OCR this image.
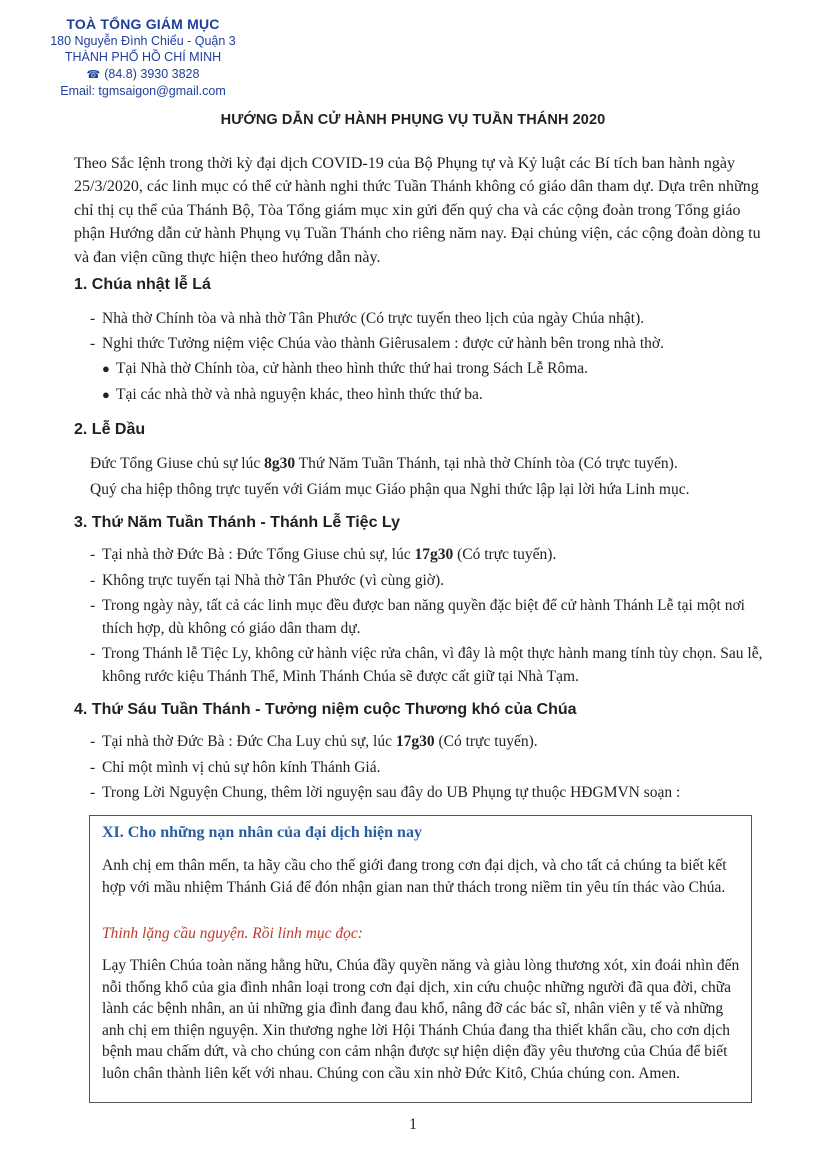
TOÀ TỔNG GIÁM MỤC
180 Nguyễn Đình Chiểu - Quận 3
THÀNH PHỐ HỒ CHÍ MINH
☎ (84.8) 3930 3828
Email: tgmsaigon@gmail.com
HƯỚNG DẪN CỬ HÀNH PHỤNG VỤ TUẦN THÁNH 2020

Theo Sắc lệnh trong thời kỳ đại dịch COVID-19 của Bộ Phụng tự và Kỷ luật các Bí tích ban hành ngày 25/3/2020, các linh mục có thể cử hành nghi thức Tuần Thánh không có giáo dân tham dự. Dựa trên những chỉ thị cụ thể của Thánh Bộ, Tòa Tổng giám mục xin gửi đến quý cha và các cộng đoàn trong Tổng giáo phận Hướng dẫn cử hành Phụng vụ Tuần Thánh cho riêng năm nay. Đại chủng viện, các cộng đoàn dòng tu và đan viện cũng thực hiện theo hướng dẫn này.

1. Chúa nhật lễ Lá

- Nhà thờ Chính tòa và nhà thờ Tân Phước (Có trực tuyến theo lịch của ngày Chúa nhật).

- Nghi thức Tưởng niệm việc Chúa vào thành Giêrusalem : được cử hành bên trong nhà thờ.

● Tại Nhà thờ Chính tòa, cử hành theo hình thức thứ hai trong Sách Lễ Rôma.

● Tại các nhà thờ và nhà nguyện khác, theo hình thức thứ ba.

2. Lễ Dầu

Đức Tổng Giuse chủ sự lúc 8g30 Thứ Năm Tuần Thánh, tại nhà thờ Chính tòa (Có trực tuyến).

Quý cha hiệp thông trực tuyến với Giám mục Giáo phận qua Nghi thức lập lại lời hứa Linh mục.

3. Thứ Năm Tuần Thánh - Thánh Lễ Tiệc Ly

- Tại nhà thờ Đức Bà : Đức Tổng Giuse chủ sự, lúc 17g30 (Có trực tuyến).

- Không trực tuyến tại Nhà thờ Tân Phước (vì cùng giờ).

- Trong ngày này, tất cả các linh mục đều được ban năng quyền đặc biệt để cử hành Thánh Lễ tại một nơi thích hợp, dù không có giáo dân tham dự.

- Trong Thánh lễ Tiệc Ly, không cử hành việc rửa chân, vì đây là một thực hành mang tính tùy chọn. Sau lễ, không rước kiệu Thánh Thể, Mình Thánh Chúa sẽ được cất giữ tại Nhà Tạm.

4. Thứ Sáu Tuần Thánh - Tưởng niệm cuộc Thương khó của Chúa

- Tại nhà thờ Đức Bà : Đức Cha Luy chủ sự, lúc 17g30 (Có trực tuyến).

- Chỉ một mình vị chủ sự hôn kính Thánh Giá.

- Trong Lời Nguyện Chung, thêm lời nguyện sau đây do UB Phụng tự thuộc HĐGMVN soạn :

XI. Cho những nạn nhân của đại dịch hiện nay

Anh chị em thân mến, ta hãy cầu cho thế giới đang trong cơn đại dịch, và cho tất cả chúng ta biết kết hợp với mầu nhiệm Thánh Giá để đón nhận gian nan thử thách trong niềm tin yêu tín thác vào Chúa.

Thinh lặng cầu nguyện. Rồi linh mục đọc:

Lạy Thiên Chúa toàn năng hằng hữu, Chúa đầy quyền năng và giàu lòng thương xót, xin đoái nhìn đến nỗi thống khổ của gia đình nhân loại trong cơn đại dịch, xin cứu chuộc những người đã qua đời, chữa lành các bệnh nhân, an ủi những gia đình đang đau khổ, nâng đỡ các bác sĩ, nhân viên y tế và những anh chị em thiện nguyện. Xin thương nghe lời Hội Thánh Chúa đang tha thiết khẩn cầu, cho cơn dịch bệnh mau chấm dứt, và cho chúng con cảm nhận được sự hiện diện đầy yêu thương của Chúa để biết luôn chân thành liên kết với nhau. Chúng con cầu xin nhờ Đức Kitô, Chúa chúng con. Amen.

1
